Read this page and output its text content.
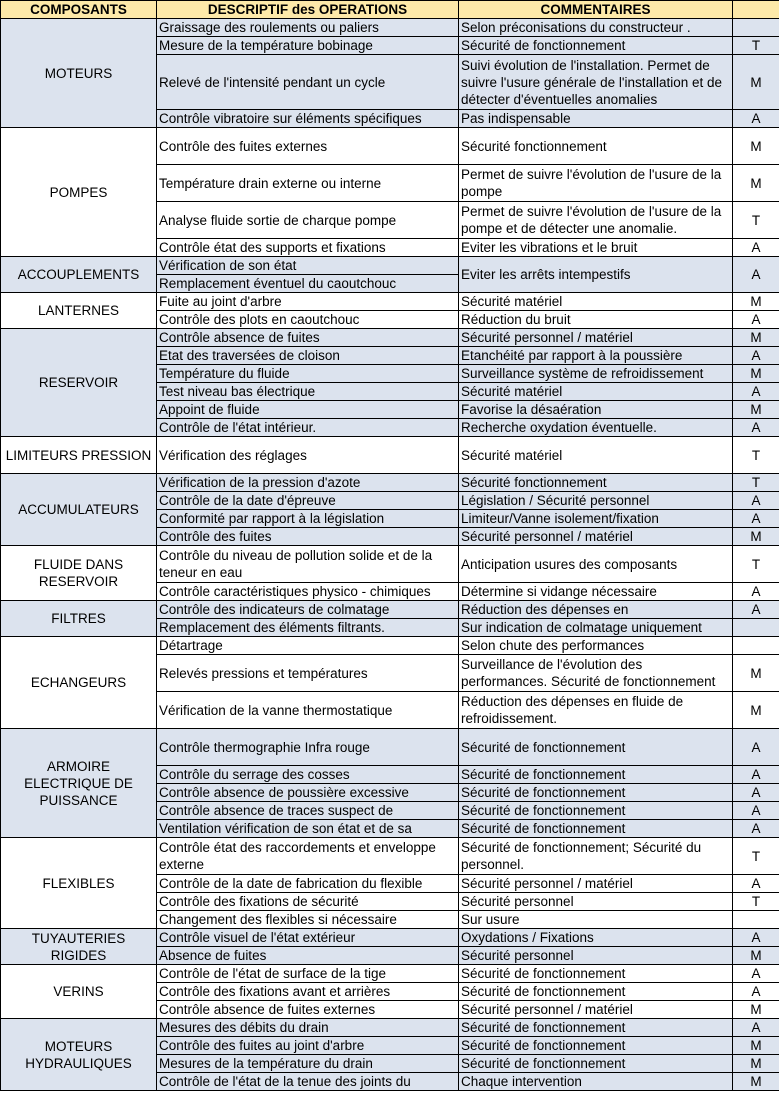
COMPOSANTS	DESCRIPTIF des OPERATIONS	COMMENTAIRES	
MOTEURS	Graissage des roulements ou paliers	Selon préconisations du constructeur .	
	Mesure de la température bobinage	Sécurité de fonctionnement	T
	Relevé de l'intensité pendant un cycle	Suivi évolution de l'installation. Permet de suivre l'usure générale de l'installation et de détecter d'éventuelles anomalies	M
	Contrôle vibratoire sur éléments spécifiques	Pas indispensable	A
POMPES	Contrôle des fuites externes	Sécurité fonctionnement	M
	Température drain externe ou interne	Permet de suivre l'évolution de l'usure de la pompe	M
	Analyse fluide sortie de charque pompe	Permet de suivre l'évolution de l'usure de la pompe et de détecter une anomalie.	T
	Contrôle état des supports et fixations	Eviter les vibrations et le bruit	A
ACCOUPLEMENTS	Vérification de son état	Eviter les arrêts intempestifs	A
	Remplacement éventuel du caoutchouc		
LANTERNES	Fuite au joint d'arbre	Sécurité matériel	M
	Contrôle des plots en caoutchouc	Réduction du bruit	A
RESERVOIR	Contrôle absence de fuites	Sécurité personnel / matériel	M
	Etat des traversées de cloison	Etanchéité par rapport à la poussière	A
	Température du fluide	Surveillance système de refroidissement	M
	Test niveau bas électrique	Sécurité matériel	A
	Appoint de fluide	Favorise la désaération	M
	Contrôle de l'état intérieur.	Recherche oxydation éventuelle.	A
LIMITEURS PRESSION	Vérification des réglages	Sécurité matériel	T
ACCUMULATEURS	Vérification de la pression d'azote	Sécurité fonctionnement	T
	Contrôle de la date d'épreuve	Législation / Sécurité personnel	A
	Conformité par rapport à la législation	Limiteur/Vanne isolement/fixation	A
	Contrôle des fuites	Sécurité personnel / matériel	M
FLUIDE DANS RESERVOIR	Contrôle du niveau de pollution solide et de la teneur en eau	Anticipation usures des composants	T
	Contrôle caractéristiques physico - chimiques	Détermine si vidange nécessaire	A
FILTRES	Contrôle des indicateurs de colmatage	Réduction des dépenses en	A
	Remplacement des éléments filtrants.	Sur indication de colmatage uniquement	
ECHANGEURS	Détartrage	Selon chute des performances	
	Relevés pressions et températures	Surveillance de l'évolution des performances. Sécurité de fonctionnement	M
	Vérification de la vanne thermostatique	Réduction des dépenses en fluide de refroidissement.	M
ARMOIRE ELECTRIQUE DE PUISSANCE	Contrôle thermographie Infra rouge	Sécurité de fonctionnement	A
	Contrôle du serrage des cosses	Sécurité de fonctionnement	A
	Contrôle absence de poussière excessive	Sécurité de fonctionnement	A
	Contrôle absence de traces suspect de	Sécurité de fonctionnement	A
	Ventilation vérification de son état et de sa	Sécurité de fonctionnement	A
FLEXIBLES	Contrôle état des raccordements et enveloppe externe	Sécurité de fonctionnement; Sécurité du personnel.	T
	Contrôle de la date de fabrication du flexible	Sécurité personnel / matériel	A
	Contrôle des fixations de sécurité	Sécurité personnel	T
	Changement des flexibles si nécessaire	Sur usure	
TUYAUTERIES RIGIDES	Contrôle visuel de l'état extérieur	Oxydations / Fixations	A
	Absence de fuites	Sécurité personnel	M
VERINS	Contrôle de l'état de surface de la tige	Sécurité de fonctionnement	A
	Contrôle des fixations avant et arrières	Sécurité de fonctionnement	A
	Contrôle absence de fuites externes	Sécurité personnel / matériel	M
MOTEURS HYDRAULIQUES	Mesures des débits du drain	Sécurité de fonctionnement	A
	Contrôle des fuites au joint d'arbre	Sécurité de fonctionnement	M
	Mesures de la température du drain	Sécurité de fonctionnement	M
	Contrôle de l'état de la tenue des joints du	Chaque intervention	M
